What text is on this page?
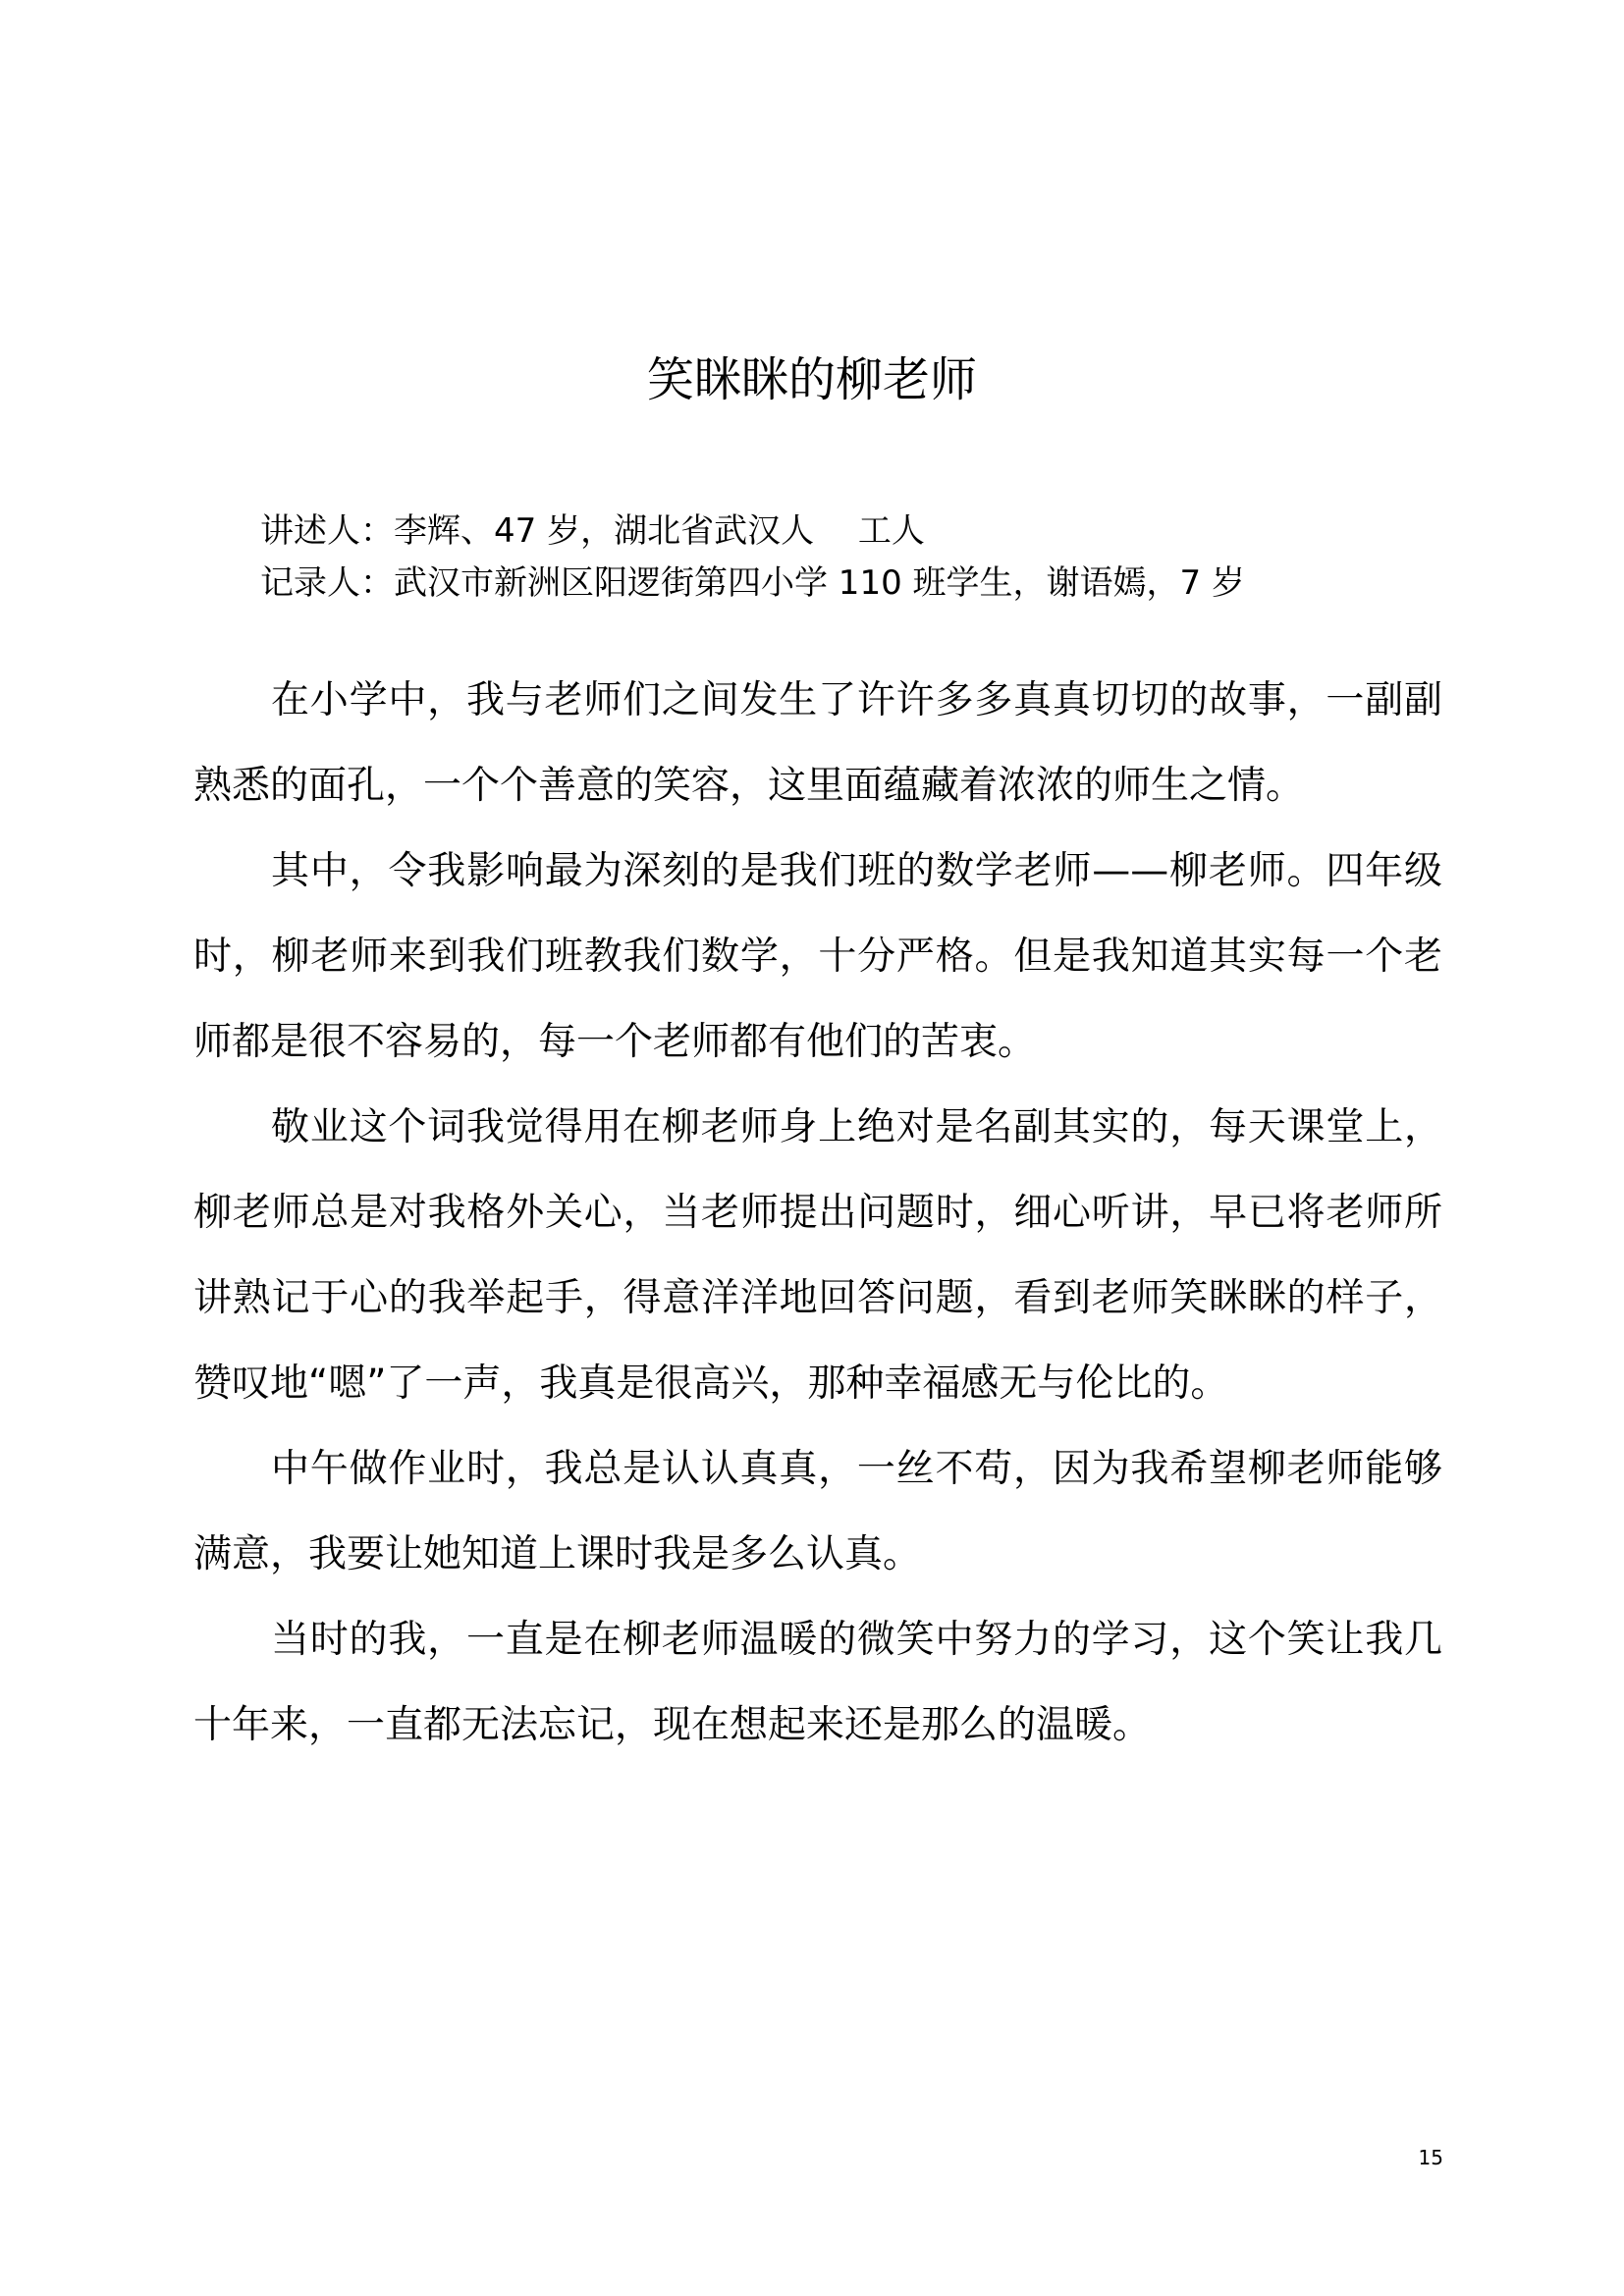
笑眯眯的柳老师

讲述人：李辉、47 岁，湖北省武汉人　 工人

记录人：武汉市新洲区阳逻街第四小学 110 班学生，谢语嫣，7 岁

在小学中，我与老师们之间发生了许许多多真真切切的故事，一副副熟悉的面孔，一个个善意的笑容，这里面蕴藏着浓浓的师生之情。

其中，令我影响最为深刻的是我们班的数学老师——柳老师。四年级时，柳老师来到我们班教我们数学，十分严格。但是我知道其实每一个老师都是很不容易的，每一个老师都有他们的苦衷。

敬业这个词我觉得用在柳老师身上绝对是名副其实的，每天课堂上，柳老师总是对我格外关心，当老师提出问题时，细心听讲，早已将老师所讲熟记于心的我举起手，得意洋洋地回答问题，看到老师笑眯眯的样子，赞叹地“嗯”了一声，我真是很高兴，那种幸福感无与伦比的。

中午做作业时，我总是认认真真，一丝不苟，因为我希望柳老师能够满意，我要让她知道上课时我是多么认真。

当时的我，一直是在柳老师温暖的微笑中努力的学习，这个笑让我几十年来，一直都无法忘记，现在想起来还是那么的温暖。

15
